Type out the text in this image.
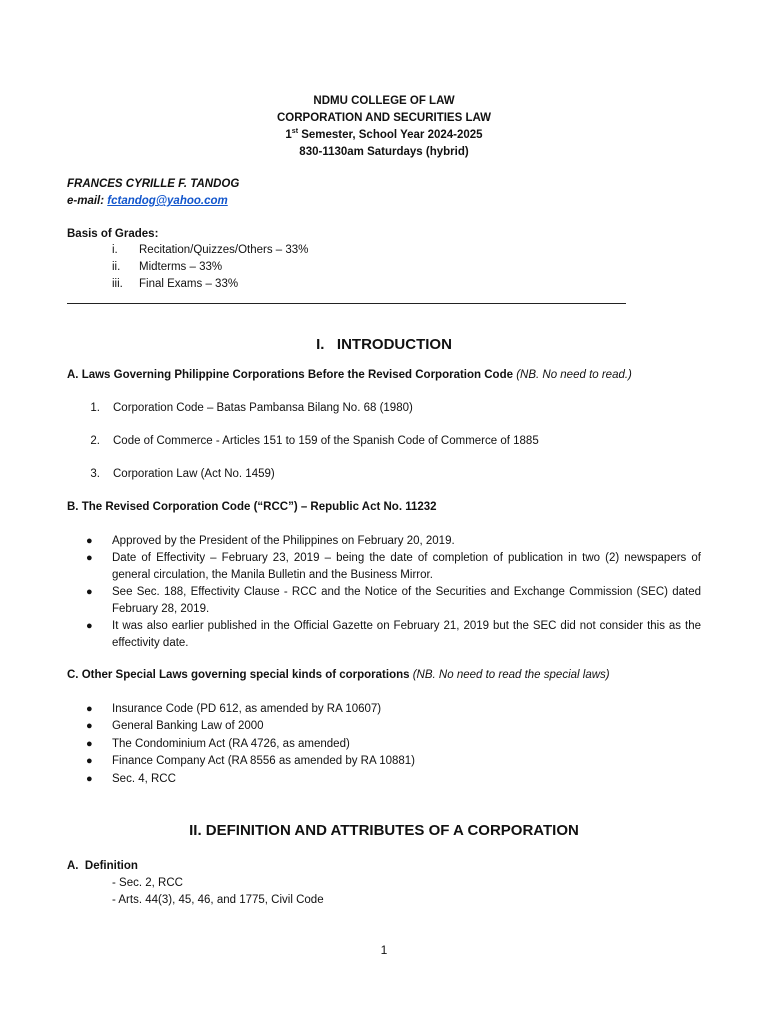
NDMU COLLEGE OF LAW
CORPORATION AND SECURITIES LAW
1st Semester, School Year 2024-2025
830-1130am Saturdays (hybrid)
FRANCES CYRILLE F. TANDOG
e-mail: fctandog@yahoo.com
Basis of Grades:
i. Recitation/Quizzes/Others – 33%
ii. Midterms – 33%
iii. Final Exams – 33%
I.   INTRODUCTION
A. Laws Governing Philippine Corporations Before the Revised Corporation Code (NB. No need to read.)
1. Corporation Code – Batas Pambansa Bilang No. 68 (1980)
2. Code of Commerce - Articles 151 to 159 of the Spanish Code of Commerce of 1885
3. Corporation Law (Act No. 1459)
B. The Revised Corporation Code (“RCC”) – Republic Act No. 11232
● Approved by the President of the Philippines on February 20, 2019.
● Date of Effectivity – February 23, 2019 – being the date of completion of publication in two (2) newspapers of general circulation, the Manila Bulletin and the Business Mirror.
● See Sec. 188, Effectivity Clause - RCC and the Notice of the Securities and Exchange Commission (SEC) dated February 28, 2019.
● It was also earlier published in the Official Gazette on February 21, 2019 but the SEC did not consider this as the effectivity date.
C. Other Special Laws governing special kinds of corporations (NB. No need to read the special laws)
● Insurance Code (PD 612, as amended by RA 10607)
● General Banking Law of 2000
● The Condominium Act (RA 4726, as amended)
● Finance Company Act (RA 8556 as amended by RA 10881)
● Sec. 4, RCC
II. DEFINITION AND ATTRIBUTES OF A CORPORATION
A.  Definition
- Sec. 2, RCC
- Arts. 44(3), 45, 46, and 1775, Civil Code
1
